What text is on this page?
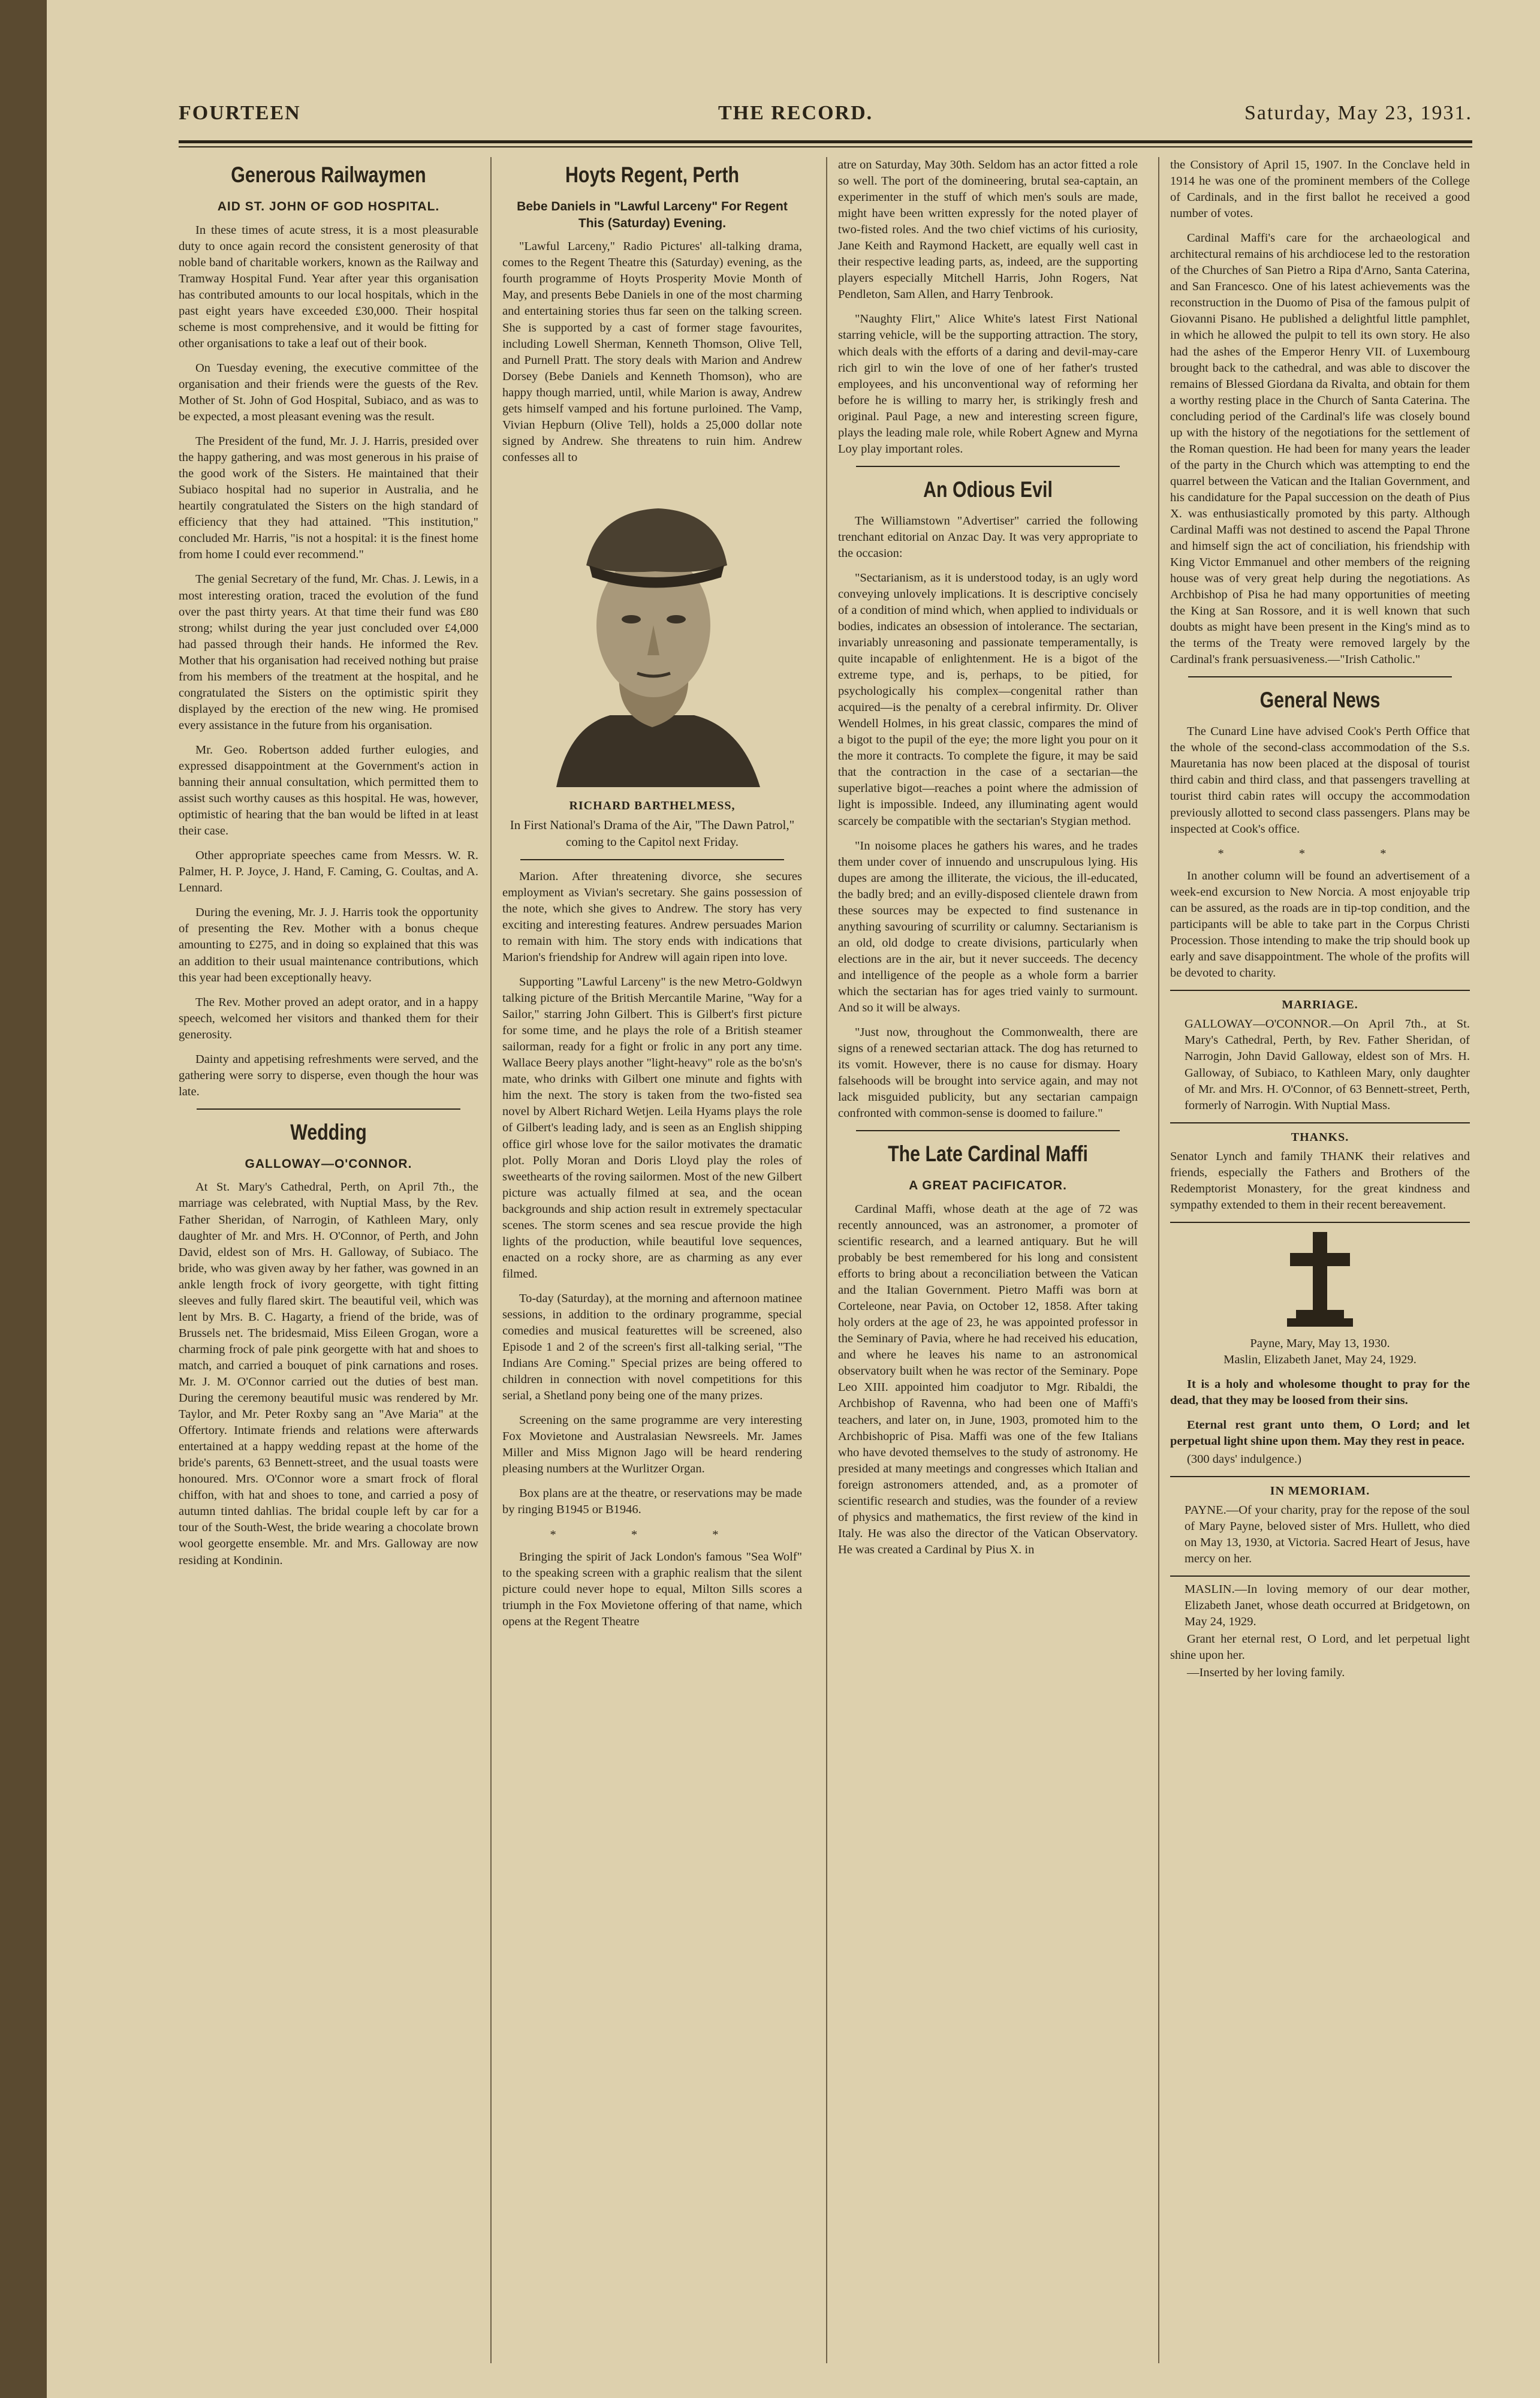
FOURTEEN	THE RECORD.	Saturday, May 23, 1931.
Generous Railwaymen
AID ST. JOHN OF GOD HOSPITAL.

In these times of acute stress, it is a most pleasurable duty to once again record the consistent generosity of that noble band of charitable workers, known as the Railway and Tramway Hospital Fund. Year after year this organisation has contributed amounts to our local hospitals, which in the past eight years have exceeded £30,000. Their hospital scheme is most comprehensive, and it would be fitting for other organisations to take a leaf out of their book.

On Tuesday evening, the executive committee of the organisation and their friends were the guests of the Rev. Mother of St. John of God Hospital, Subiaco, and as was to be expected, a most pleasant evening was the result.

The President of the fund, Mr. J. J. Harris, presided over the happy gathering, and was most generous in his praise of the good work of the Sisters. He maintained that their Subiaco hospital had no superior in Australia, and he heartily congratulated the Sisters on the high standard of efficiency that they had attained. "This institution," concluded Mr. Harris, "is not a hospital: it is the finest home from home I could ever recommend."

The genial Secretary of the fund, Mr. Chas. J. Lewis, in a most interesting oration, traced the evolution of the fund over the past thirty years. At that time their fund was £80 strong; whilst during the year just concluded over £4,000 had passed through their hands. He informed the Rev. Mother that his organisation had received nothing but praise from his members of the treatment at the hospital, and he congratulated the Sisters on the optimistic spirit they displayed by the erection of the new wing. He promised every assistance in the future from his organisation.

Mr. Geo. Robertson added further eulogies, and expressed disappointment at the Government's action in banning their annual consultation, which permitted them to assist such worthy causes as this hospital. He was, however, optimistic of hearing that the ban would be lifted in at least their case.

Other appropriate speeches came from Messrs. W. R. Palmer, H. P. Joyce, J. Hand, F. Caming, G. Coultas, and A. Lennard.

During the evening, Mr. J. J. Harris took the opportunity of presenting the Rev. Mother with a bonus cheque amounting to £275, and in doing so explained that this was an addition to their usual maintenance contributions, which this year had been exceptionally heavy.

The Rev. Mother proved an adept orator, and in a happy speech, welcomed her visitors and thanked them for their generosity.

Dainty and appetising refreshments were served, and the gathering were sorry to disperse, even though the hour was late.

Wedding
GALLOWAY—O'CONNOR.

At St. Mary's Cathedral, Perth, on April 7th., the marriage was celebrated, with Nuptial Mass, by the Rev. Father Sheridan, of Narrogin, of Kathleen Mary, only daughter of Mr. and Mrs. H. O'Connor, of Perth, and John David, eldest son of Mrs. H. Galloway, of Subiaco. The bride, who was given away by her father, was gowned in an ankle length frock of ivory georgette, with tight fitting sleeves and fully flared skirt. The beautiful veil, which was lent by Mrs. B. C. Hagarty, a friend of the bride, was of Brussels net. The bridesmaid, Miss Eileen Grogan, wore a charming frock of pale pink georgette with hat and shoes to match, and carried a bouquet of pink carnations and roses. Mr. J. M. O'Connor carried out the duties of best man. During the ceremony beautiful music was rendered by Mr. Taylor, and Mr. Peter Roxby sang an "Ave Maria" at the Offertory. Intimate friends and relations were afterwards entertained at a happy wedding repast at the home of the bride's parents, 63 Bennett-street, and the usual toasts were honoured. Mrs. O'Connor wore a smart frock of floral chiffon, with hat and shoes to tone, and carried a posy of autumn tinted dahlias. The bridal couple left by car for a tour of the South-West, the bride wearing a chocolate brown wool georgette ensemble. Mr. and Mrs. Galloway are now residing at Kondinin.

Hoyts Regent, Perth
Bebe Daniels in "Lawful Larceny" For Regent This (Saturday) Evening.

"Lawful Larceny," Radio Pictures' all-talking drama, comes to the Regent Theatre this (Saturday) evening, as the fourth programme of Hoyts Prosperity Movie Month of May, and presents Bebe Daniels in one of the most charming and entertaining stories thus far seen on the talking screen. She is supported by a cast of former stage favourites, including Lowell Sherman, Kenneth Thomson, Olive Tell, and Purnell Pratt. The story deals with Marion and Andrew Dorsey (Bebe Daniels and Kenneth Thomson), who are happy though married, until, while Marion is away, Andrew gets himself vamped and his fortune purloined. The Vamp, Vivian Hepburn (Olive Tell), holds a 25,000 dollar note signed by Andrew. She threatens to ruin him. Andrew confesses all to

RICHARD BARTHELMESS,
In First National's Drama of the Air, "The Dawn Patrol," coming to the Capitol next Friday.

Marion. After threatening divorce, she secures employment as Vivian's secretary. She gains possession of the note, which she gives to Andrew. The story has very exciting and interesting features. Andrew persuades Marion to remain with him. The story ends with indications that Marion's friendship for Andrew will again ripen into love.

Supporting "Lawful Larceny" is the new Metro-Goldwyn talking picture of the British Mercantile Marine, "Way for a Sailor," starring John Gilbert. This is Gilbert's first picture for some time, and he plays the role of a British steamer sailorman, ready for a fight or frolic in any port any time. Wallace Beery plays another "light-heavy" role as the bo'sn's mate, who drinks with Gilbert one minute and fights with him the next. The story is taken from the two-fisted sea novel by Albert Richard Wetjen. Leila Hyams plays the role of Gilbert's leading lady, and is seen as an English shipping office girl whose love for the sailor motivates the dramatic plot. Polly Moran and Doris Lloyd play the roles of sweethearts of the roving sailormen. Most of the new Gilbert picture was actually filmed at sea, and the ocean backgrounds and ship action result in extremely spectacular scenes. The storm scenes and sea rescue provide the high lights of the production, while beautiful love sequences, enacted on a rocky shore, are as charming as any ever filmed.

To-day (Saturday), at the morning and afternoon matinee sessions, in addition to the ordinary programme, special comedies and musical featurettes will be screened, also Episode 1 and 2 of the screen's first all-talking serial, "The Indians Are Coming." Special prizes are being offered to children in connection with novel competitions for this serial, a Shetland pony being one of the many prizes.

Screening on the same programme are very interesting Fox Movietone and Australasian Newsreels. Mr. James Miller and Miss Mignon Jago will be heard rendering pleasing numbers at the Wurlitzer Organ.

Box plans are at the theatre, or reservations may be made by ringing B1945 or B1946.

* * *

Bringing the spirit of Jack London's famous "Sea Wolf" to the speaking screen with a graphic realism that the silent picture could never hope to equal, Milton Sills scores a triumph in the Fox Movietone offering of that name, which opens at the Regent Theatre

atre on Saturday, May 30th. Seldom has an actor fitted a role so well. The port of the domineering, brutal sea-captain, an experimenter in the stuff of which men's souls are made, might have been written expressly for the noted player of two-fisted roles. And the two chief victims of his curiosity, Jane Keith and Raymond Hackett, are equally well cast in their respective leading parts, as, indeed, are the supporting players especially Mitchell Harris, John Rogers, Nat Pendleton, Sam Allen, and Harry Tenbrook.

"Naughty Flirt," Alice White's latest First National starring vehicle, will be the supporting attraction. The story, which deals with the efforts of a daring and devil-may-care rich girl to win the love of one of her father's trusted employees, and his unconventional way of reforming her before he is willing to marry her, is strikingly fresh and original. Paul Page, a new and interesting screen figure, plays the leading male role, while Robert Agnew and Myrna Loy play important roles.

An Odious Evil

The Williamstown "Advertiser" carried the following trenchant editorial on Anzac Day. It was very appropriate to the occasion:

"Sectarianism, as it is understood today, is an ugly word conveying unlovely implications. It is descriptive concisely of a condition of mind which, when applied to individuals or bodies, indicates an obsession of intolerance. The sectarian, invariably unreasoning and passionate temperamentally, is quite incapable of enlightenment. He is a bigot of the extreme type, and is, perhaps, to be pitied, for psychologically his complex—congenital rather than acquired—is the penalty of a cerebral infirmity. Dr. Oliver Wendell Holmes, in his great classic, compares the mind of a bigot to the pupil of the eye; the more light you pour on it the more it contracts. To complete the figure, it may be said that the contraction in the case of a sectarian—the superlative bigot—reaches a point where the admission of light is impossible. Indeed, any illuminating agent would scarcely be compatible with the sectarian's Stygian method.

"In noisome places he gathers his wares, and he trades them under cover of innuendo and unscrupulous lying. His dupes are among the illiterate, the vicious, the ill-educated, the badly bred; and an evilly-disposed clientele drawn from these sources may be expected to find sustenance in anything savouring of scurrility or calumny. Sectarianism is an old, old dodge to create divisions, particularly when elections are in the air, but it never succeeds. The decency and intelligence of the people as a whole form a barrier which the sectarian has for ages tried vainly to surmount. And so it will be always.

"Just now, throughout the Commonwealth, there are signs of a renewed sectarian attack. The dog has returned to its vomit. However, there is no cause for dismay. Hoary falsehoods will be brought into service again, and may not lack misguided publicity, but any sectarian campaign confronted with common-sense is doomed to failure."

The Late Cardinal Maffi
A GREAT PACIFICATOR.

Cardinal Maffi, whose death at the age of 72 was recently announced, was an astronomer, a promoter of scientific research, and a learned antiquary. But he will probably be best remembered for his long and consistent efforts to bring about a reconciliation between the Vatican and the Italian Government. Pietro Maffi was born at Corteleone, near Pavia, on October 12, 1858. After taking holy orders at the age of 23, he was appointed professor in the Seminary of Pavia, where he had received his education, and where he leaves his name to an astronomical observatory built when he was rector of the Seminary. Pope Leo XIII. appointed him coadjutor to Mgr. Ribaldi, the Archbishop of Ravenna, who had been one of Maffi's teachers, and later on, in June, 1903, promoted him to the Archbishopric of Pisa. Maffi was one of the few Italians who have devoted themselves to the study of astronomy. He presided at many meetings and congresses which Italian and foreign astronomers attended, and, as a promoter of scientific research and studies, was the founder of a review of physics and mathematics, the first review of the kind in Italy. He was also the director of the Vatican Observatory. He was created a Cardinal by Pius X. in

the Consistory of April 15, 1907. In the Conclave held in 1914 he was one of the prominent members of the College of Cardinals, and in the first ballot he received a good number of votes.

Cardinal Maffi's care for the archaeological and architectural remains of his archdiocese led to the restoration of the Churches of San Pietro a Ripa d'Arno, Santa Caterina, and San Francesco. One of his latest achievements was the reconstruction in the Duomo of Pisa of the famous pulpit of Giovanni Pisano. He published a delightful little pamphlet, in which he allowed the pulpit to tell its own story. He also had the ashes of the Emperor Henry VII. of Luxembourg brought back to the cathedral, and was able to discover the remains of Blessed Giordana da Rivalta, and obtain for them a worthy resting place in the Church of Santa Caterina. The concluding period of the Cardinal's life was closely bound up with the history of the negotiations for the settlement of the Roman question. He had been for many years the leader of the party in the Church which was attempting to end the quarrel between the Vatican and the Italian Government, and his candidature for the Papal succession on the death of Pius X. was enthusiastically promoted by this party. Although Cardinal Maffi was not destined to ascend the Papal Throne and himself sign the act of conciliation, his friendship with King Victor Emmanuel and other members of the reigning house was of very great help during the negotiations. As Archbishop of Pisa he had many opportunities of meeting the King at San Rossore, and it is well known that such doubts as might have been present in the King's mind as to the terms of the Treaty were removed largely by the Cardinal's frank persuasiveness.—"Irish Catholic."

General News

The Cunard Line have advised Cook's Perth Office that the whole of the second-class accommodation of the S.s. Mauretania has now been placed at the disposal of tourist third cabin and third class, and that passengers travelling at tourist third cabin rates will occupy the accommodation previously allotted to second class passengers. Plans may be inspected at Cook's office.

* * *

In another column will be found an advertisement of a week-end excursion to New Norcia. A most enjoyable trip can be assured, as the roads are in tip-top condition, and the participants will be able to take part in the Corpus Christi Procession. Those intending to make the trip should book up early and save disappointment. The whole of the profits will be devoted to charity.

MARRIAGE.

GALLOWAY—O'CONNOR.—On April 7th., at St. Mary's Cathedral, Perth, by Rev. Father Sheridan, of Narrogin, John David Galloway, eldest son of Mrs. H. Galloway, of Subiaco, to Kathleen Mary, only daughter of Mr. and Mrs. H. O'Connor, of 63 Bennett-street, Perth, formerly of Narrogin. With Nuptial Mass.

THANKS.

Senator Lynch and family THANK their relatives and friends, especially the Fathers and Brothers of the Redemptorist Monastery, for the great kindness and sympathy extended to them in their recent bereavement.

Payne, Mary, May 13, 1930.

Maslin, Elizabeth Janet, May 24, 1929.

It is a holy and wholesome thought to pray for the dead, that they may be loosed from their sins.

Eternal rest grant unto them, O Lord; and let perpetual light shine upon them. May they rest in peace.

(300 days' indulgence.)

IN MEMORIAM.

PAYNE.—Of your charity, pray for the repose of the soul of Mary Payne, beloved sister of Mrs. Hullett, who died on May 13, 1930, at Victoria. Sacred Heart of Jesus, have mercy on her.

MASLIN.—In loving memory of our dear mother, Elizabeth Janet, whose death occurred at Bridgetown, on May 24, 1929.

Grant her eternal rest, O Lord, and let perpetual light shine upon her.

—Inserted by her loving family.
